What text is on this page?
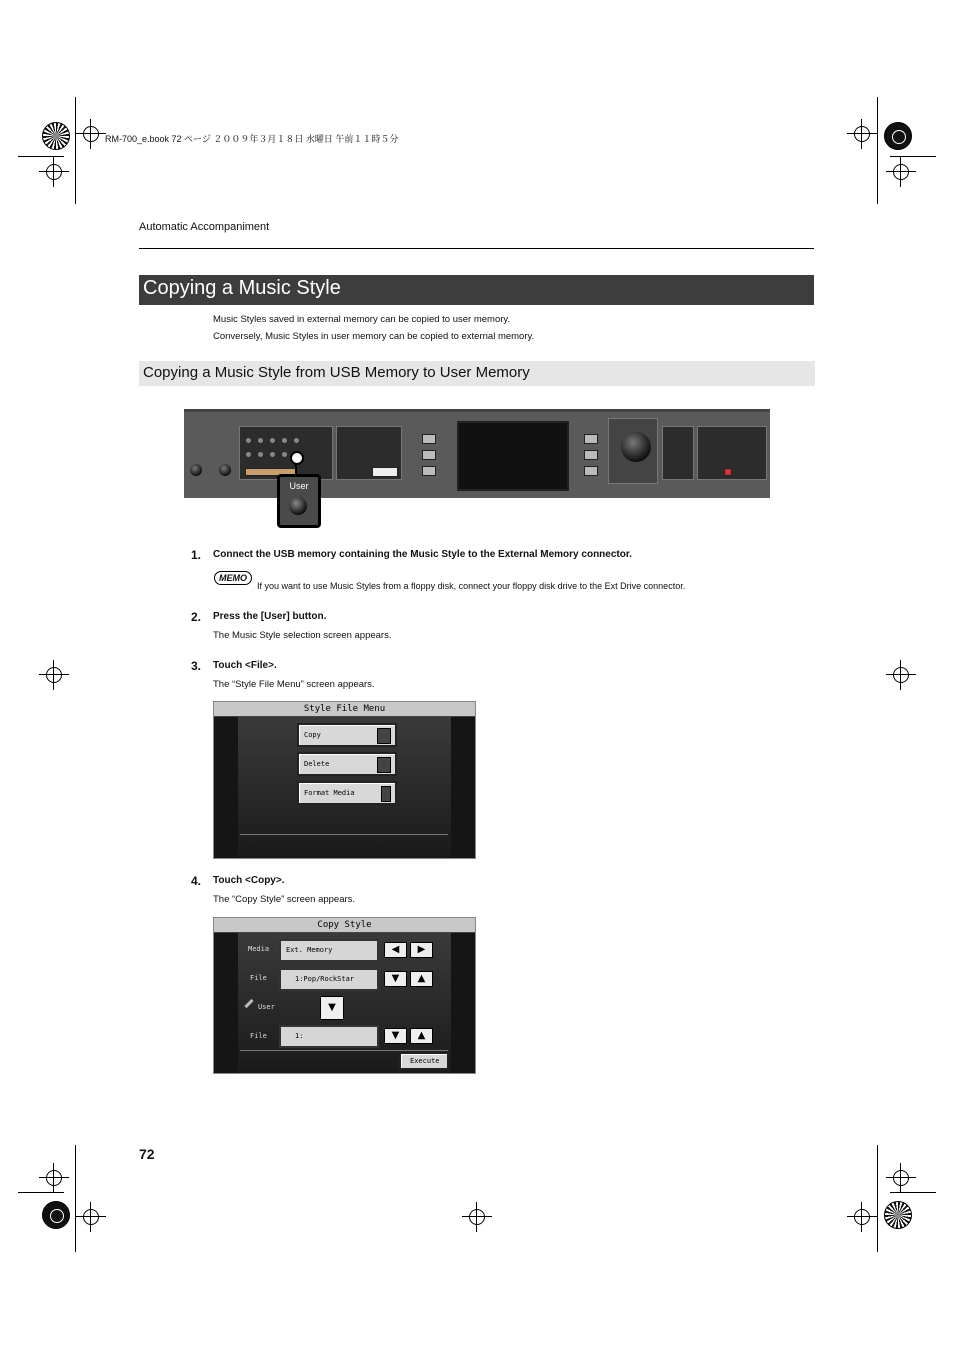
RM-700_e.book 72 ページ ２００９年３月１８日 水曜日 午前１１時５分
Automatic Accompaniment
Copying a Music Style
Music Styles saved in external memory can be copied to user memory.
Conversely, Music Styles in user memory can be copied to external memory.
Copying a Music Style from USB Memory to User Memory
User
1. Connect the USB memory containing the Music Style to the External Memory connector.
MEMO
If you want to use Music Styles from a floppy disk, connect your floppy disk drive to the Ext Drive connector.
2. Press the [User] button.
The Music Style selection screen appears.
3. Touch <File>.
The “Style File Menu” screen appears.
Style File Menu
Copy
Delete
Format Media
4. Touch <Copy>.
The “Copy Style” screen appears.
Copy Style
Media Ext. Memory	◀	▶
File	1:Pop/RockStar	▼	▲
User	▼
File	1:	▼	▲
Execute
72
